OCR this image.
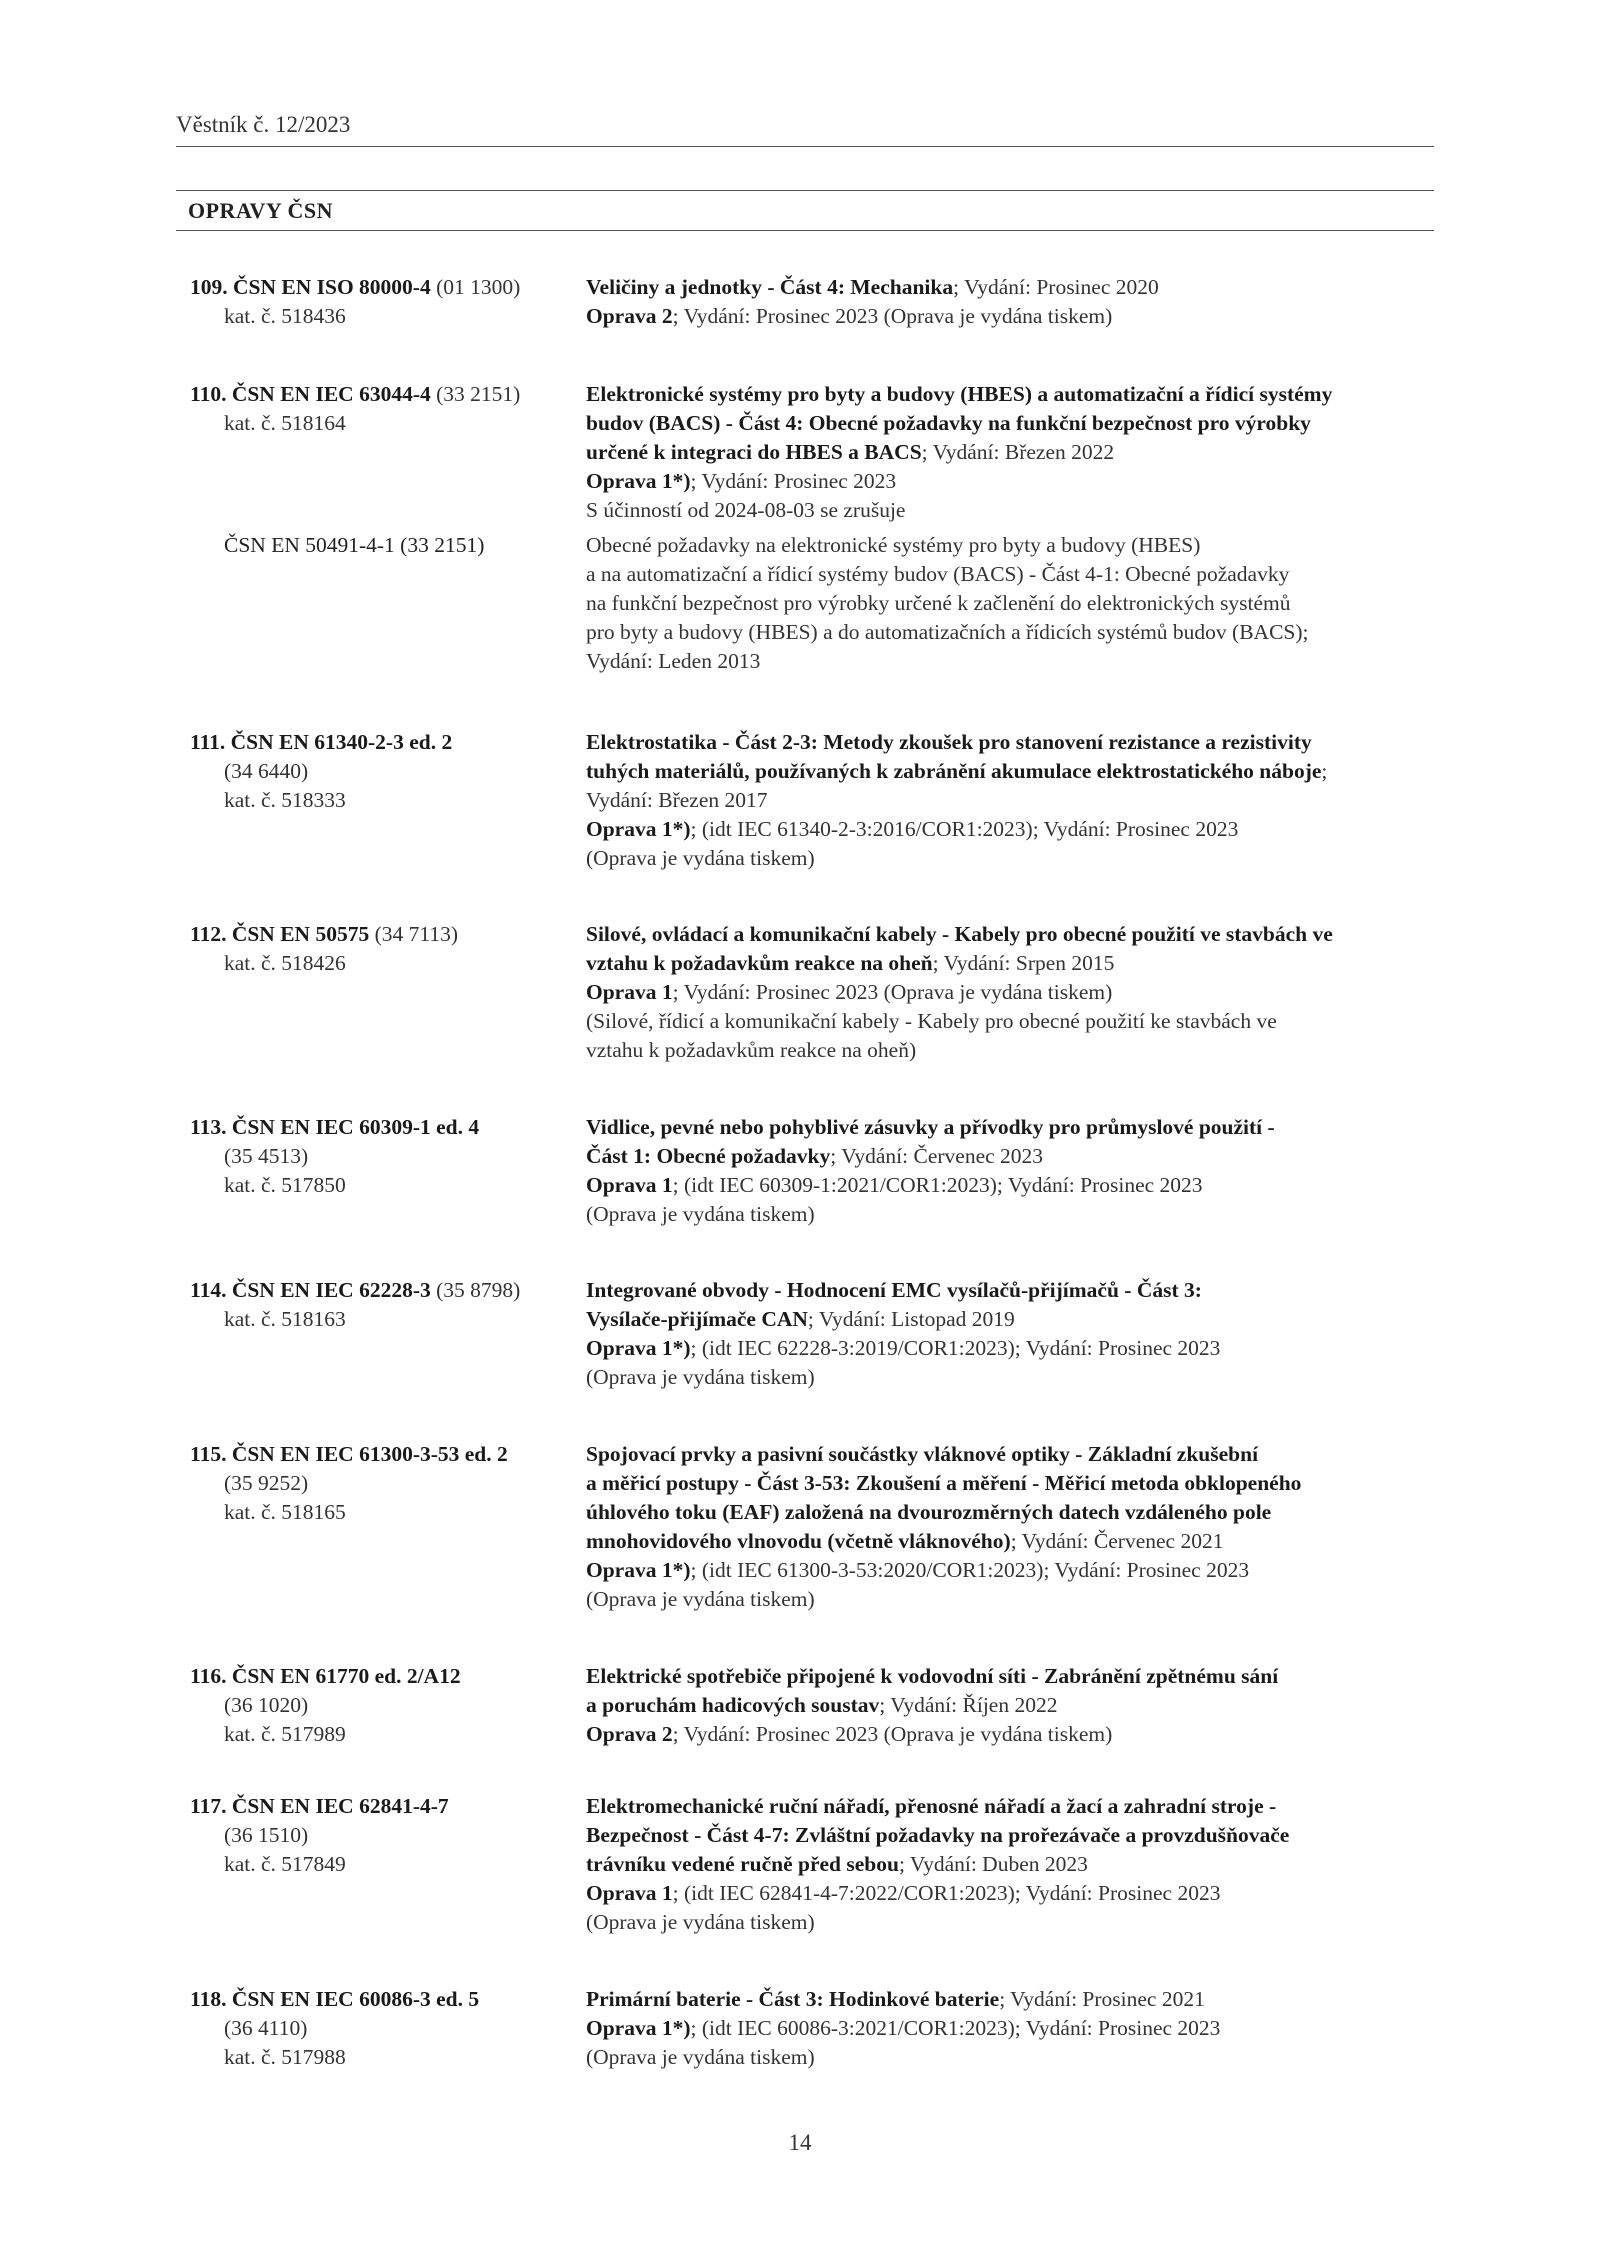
Věstník č. 12/2023
OPRAVY ČSN
109. ČSN EN ISO 80000-4 (01 1300)
kat. č. 518436
Veličiny a jednotky - Část 4: Mechanika; Vydání: Prosinec 2020
Oprava 2; Vydání: Prosinec 2023 (Oprava je vydána tiskem)
110. ČSN EN IEC 63044-4 (33 2151)
kat. č. 518164
Elektronické systémy pro byty a budovy (HBES) a automatizační a řídicí systémy
budov (BACS) - Část 4: Obecné požadavky na funkční bezpečnost pro výrobky
určené k integraci do HBES a BACS; Vydání: Březen 2022
Oprava 1*); Vydání: Prosinec 2023
S účinností od 2024-08-03 se zrušuje
ČSN EN 50491-4-1 (33 2151)	Obecné požadavky na elektronické systémy pro byty a budovy (HBES)
a na automatizační a řídicí systémy budov (BACS) - Část 4-1: Obecné požadavky
na funkční bezpečnost pro výrobky určené k začlenění do elektronických systémů
pro byty a budovy (HBES) a do automatizačních a řídicích systémů budov (BACS);
Vydání: Leden 2013
111. ČSN EN 61340-2-3 ed. 2
(34 6440)
kat. č. 518333
Elektrostatika - Část 2-3: Metody zkoušek pro stanovení rezistance a rezistivity
tuhých materiálů, používaných k zabránění akumulace elektrostatického náboje;
Vydání: Březen 2017
Oprava 1*); (idt IEC 61340-2-3:2016/COR1:2023); Vydání: Prosinec 2023
(Oprava je vydána tiskem)
112. ČSN EN 50575 (34 7113)
kat. č. 518426
Silové, ovládací a komunikační kabely - Kabely pro obecné použití ve stavbách ve
vztahu k požadavkům reakce na oheň; Vydání: Srpen 2015
Oprava 1; Vydání: Prosinec 2023 (Oprava je vydána tiskem)
(Silové, řídicí a komunikační kabely - Kabely pro obecné použití ke stavbách ve
vztahu k požadavkům reakce na oheň)
113. ČSN EN IEC 60309-1 ed. 4
(35 4513)
kat. č. 517850
Vidlice, pevné nebo pohyblivé zásuvky a přívodky pro průmyslové použití -
Část 1: Obecné požadavky; Vydání: Červenec 2023
Oprava 1; (idt IEC 60309-1:2021/COR1:2023); Vydání: Prosinec 2023
(Oprava je vydána tiskem)
114. ČSN EN IEC 62228-3 (35 8798)
kat. č. 518163
Integrované obvody - Hodnocení EMC vysílačů-přijímačů - Část 3:
Vysílače-přijímače CAN; Vydání: Listopad 2019
Oprava 1*); (idt IEC 62228-3:2019/COR1:2023); Vydání: Prosinec 2023
(Oprava je vydána tiskem)
115. ČSN EN IEC 61300-3-53 ed. 2
(35 9252)
kat. č. 518165
Spojovací prvky a pasivní součástky vláknové optiky - Základní zkušební
a měřicí postupy - Část 3-53: Zkoušení a měření - Měřicí metoda obklopeného
úhlového toku (EAF) založená na dvourozměrných datech vzdáleného pole
mnohovidového vlnovodu (včetně vláknového); Vydání: Červenec 2021
Oprava 1*); (idt IEC 61300-3-53:2020/COR1:2023); Vydání: Prosinec 2023
(Oprava je vydána tiskem)
116. ČSN EN 61770 ed. 2/A12
(36 1020)
kat. č. 517989
Elektrické spotřebiče připojené k vodovodní síti - Zabránění zpětnému sání
a poruchám hadicových soustav; Vydání: Říjen 2022
Oprava 2; Vydání: Prosinec 2023 (Oprava je vydána tiskem)
117. ČSN EN IEC 62841-4-7
(36 1510)
kat. č. 517849
Elektromechanické ruční nářadí, přenosné nářadí a žací a zahradní stroje -
Bezpečnost - Část 4-7: Zvláštní požadavky na prořezávače a provzdušňovače
trávníku vedené ručně před sebou; Vydání: Duben 2023
Oprava 1; (idt IEC 62841-4-7:2022/COR1:2023); Vydání: Prosinec 2023
(Oprava je vydána tiskem)
118. ČSN EN IEC 60086-3 ed. 5
(36 4110)
kat. č. 517988
Primární baterie - Část 3: Hodinkové baterie; Vydání: Prosinec 2021
Oprava 1*); (idt IEC 60086-3:2021/COR1:2023); Vydání: Prosinec 2023
(Oprava je vydána tiskem)
14
